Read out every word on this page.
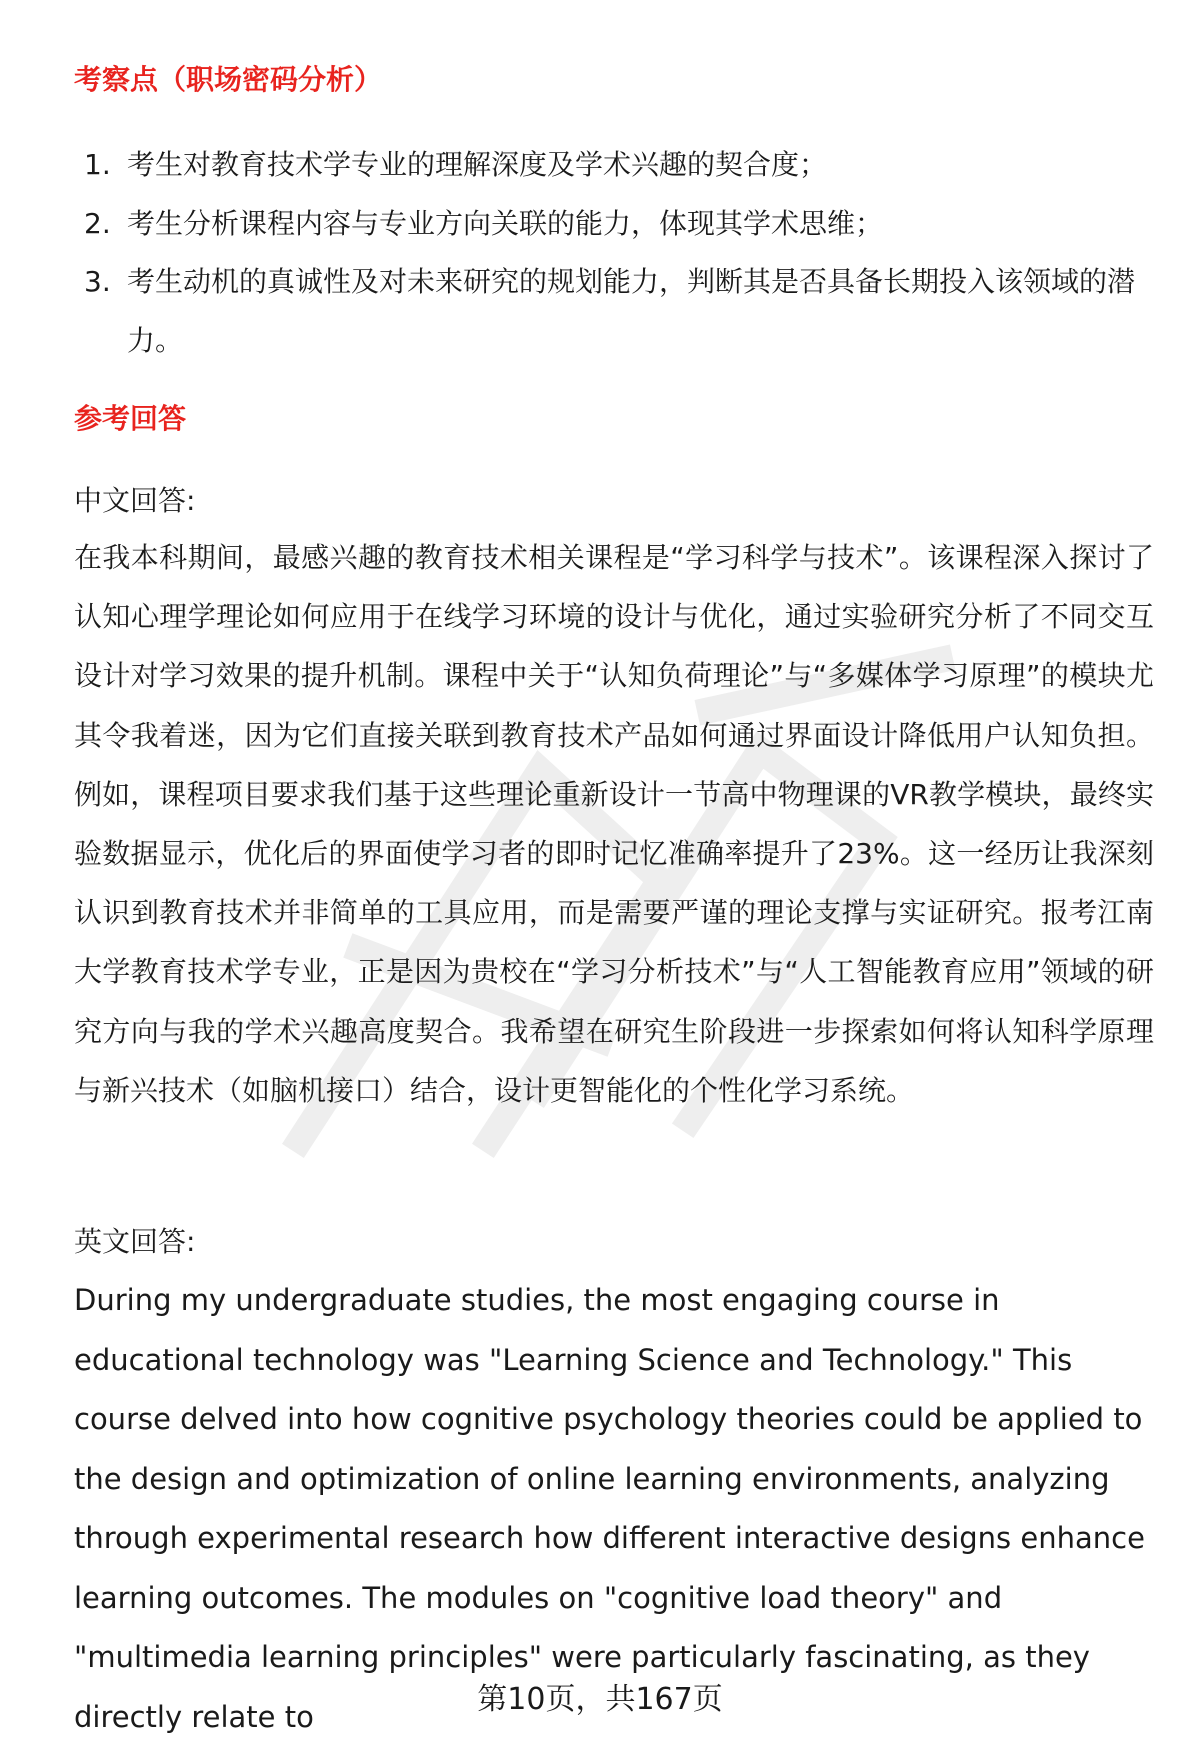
考察点（职场密码分析）
1. 考生对教育技术学专业的理解深度及学术兴趣的契合度；
2. 考生分析课程内容与专业方向关联的能力，体现其学术思维；
3. 考生动机的真诚性及对未来研究的规划能力，判断其是否具备长期投入该领域的潜力。
参考回答

中文回答:

在我本科期间，最感兴趣的教育技术相关课程是“学习科学与技术”。该课程深入探讨了认知心理学理论如何应用于在线学习环境的设计与优化，通过实验研究分析了不同交互设计对学习效果的提升机制。课程中关于“认知负荷理论”与“多媒体学习原理”的模块尤其令我着迷，因为它们直接关联到教育技术产品如何通过界面设计降低用户认知负担。例如，课程项目要求我们基于这些理论重新设计一节高中物理课的VR教学模块，最终实验数据显示，优化后的界面使学习者的即时记忆准确率提升了23%。这一经历让我深刻认识到教育技术并非简单的工具应用，而是需要严谨的理论支撑与实证研究。报考江南大学教育技术学专业，正是因为贵校在“学习分析技术”与“人工智能教育应用”领域的研究方向与我的学术兴趣高度契合。我希望在研究生阶段进一步探索如何将认知科学原理与新兴技术（如脑机接口）结合，设计更智能化的个性化学习系统。

英文回答:

During my undergraduate studies, the most engaging course in educational technology was "Learning Science and Technology." This course delved into how cognitive psychology theories could be applied to the design and optimization of online learning environments, analyzing through experimental research how different interactive designs enhance learning outcomes. The modules on "cognitive load theory" and "multimedia learning principles" were particularly fascinating, as they directly relate to	第10页，共167页
